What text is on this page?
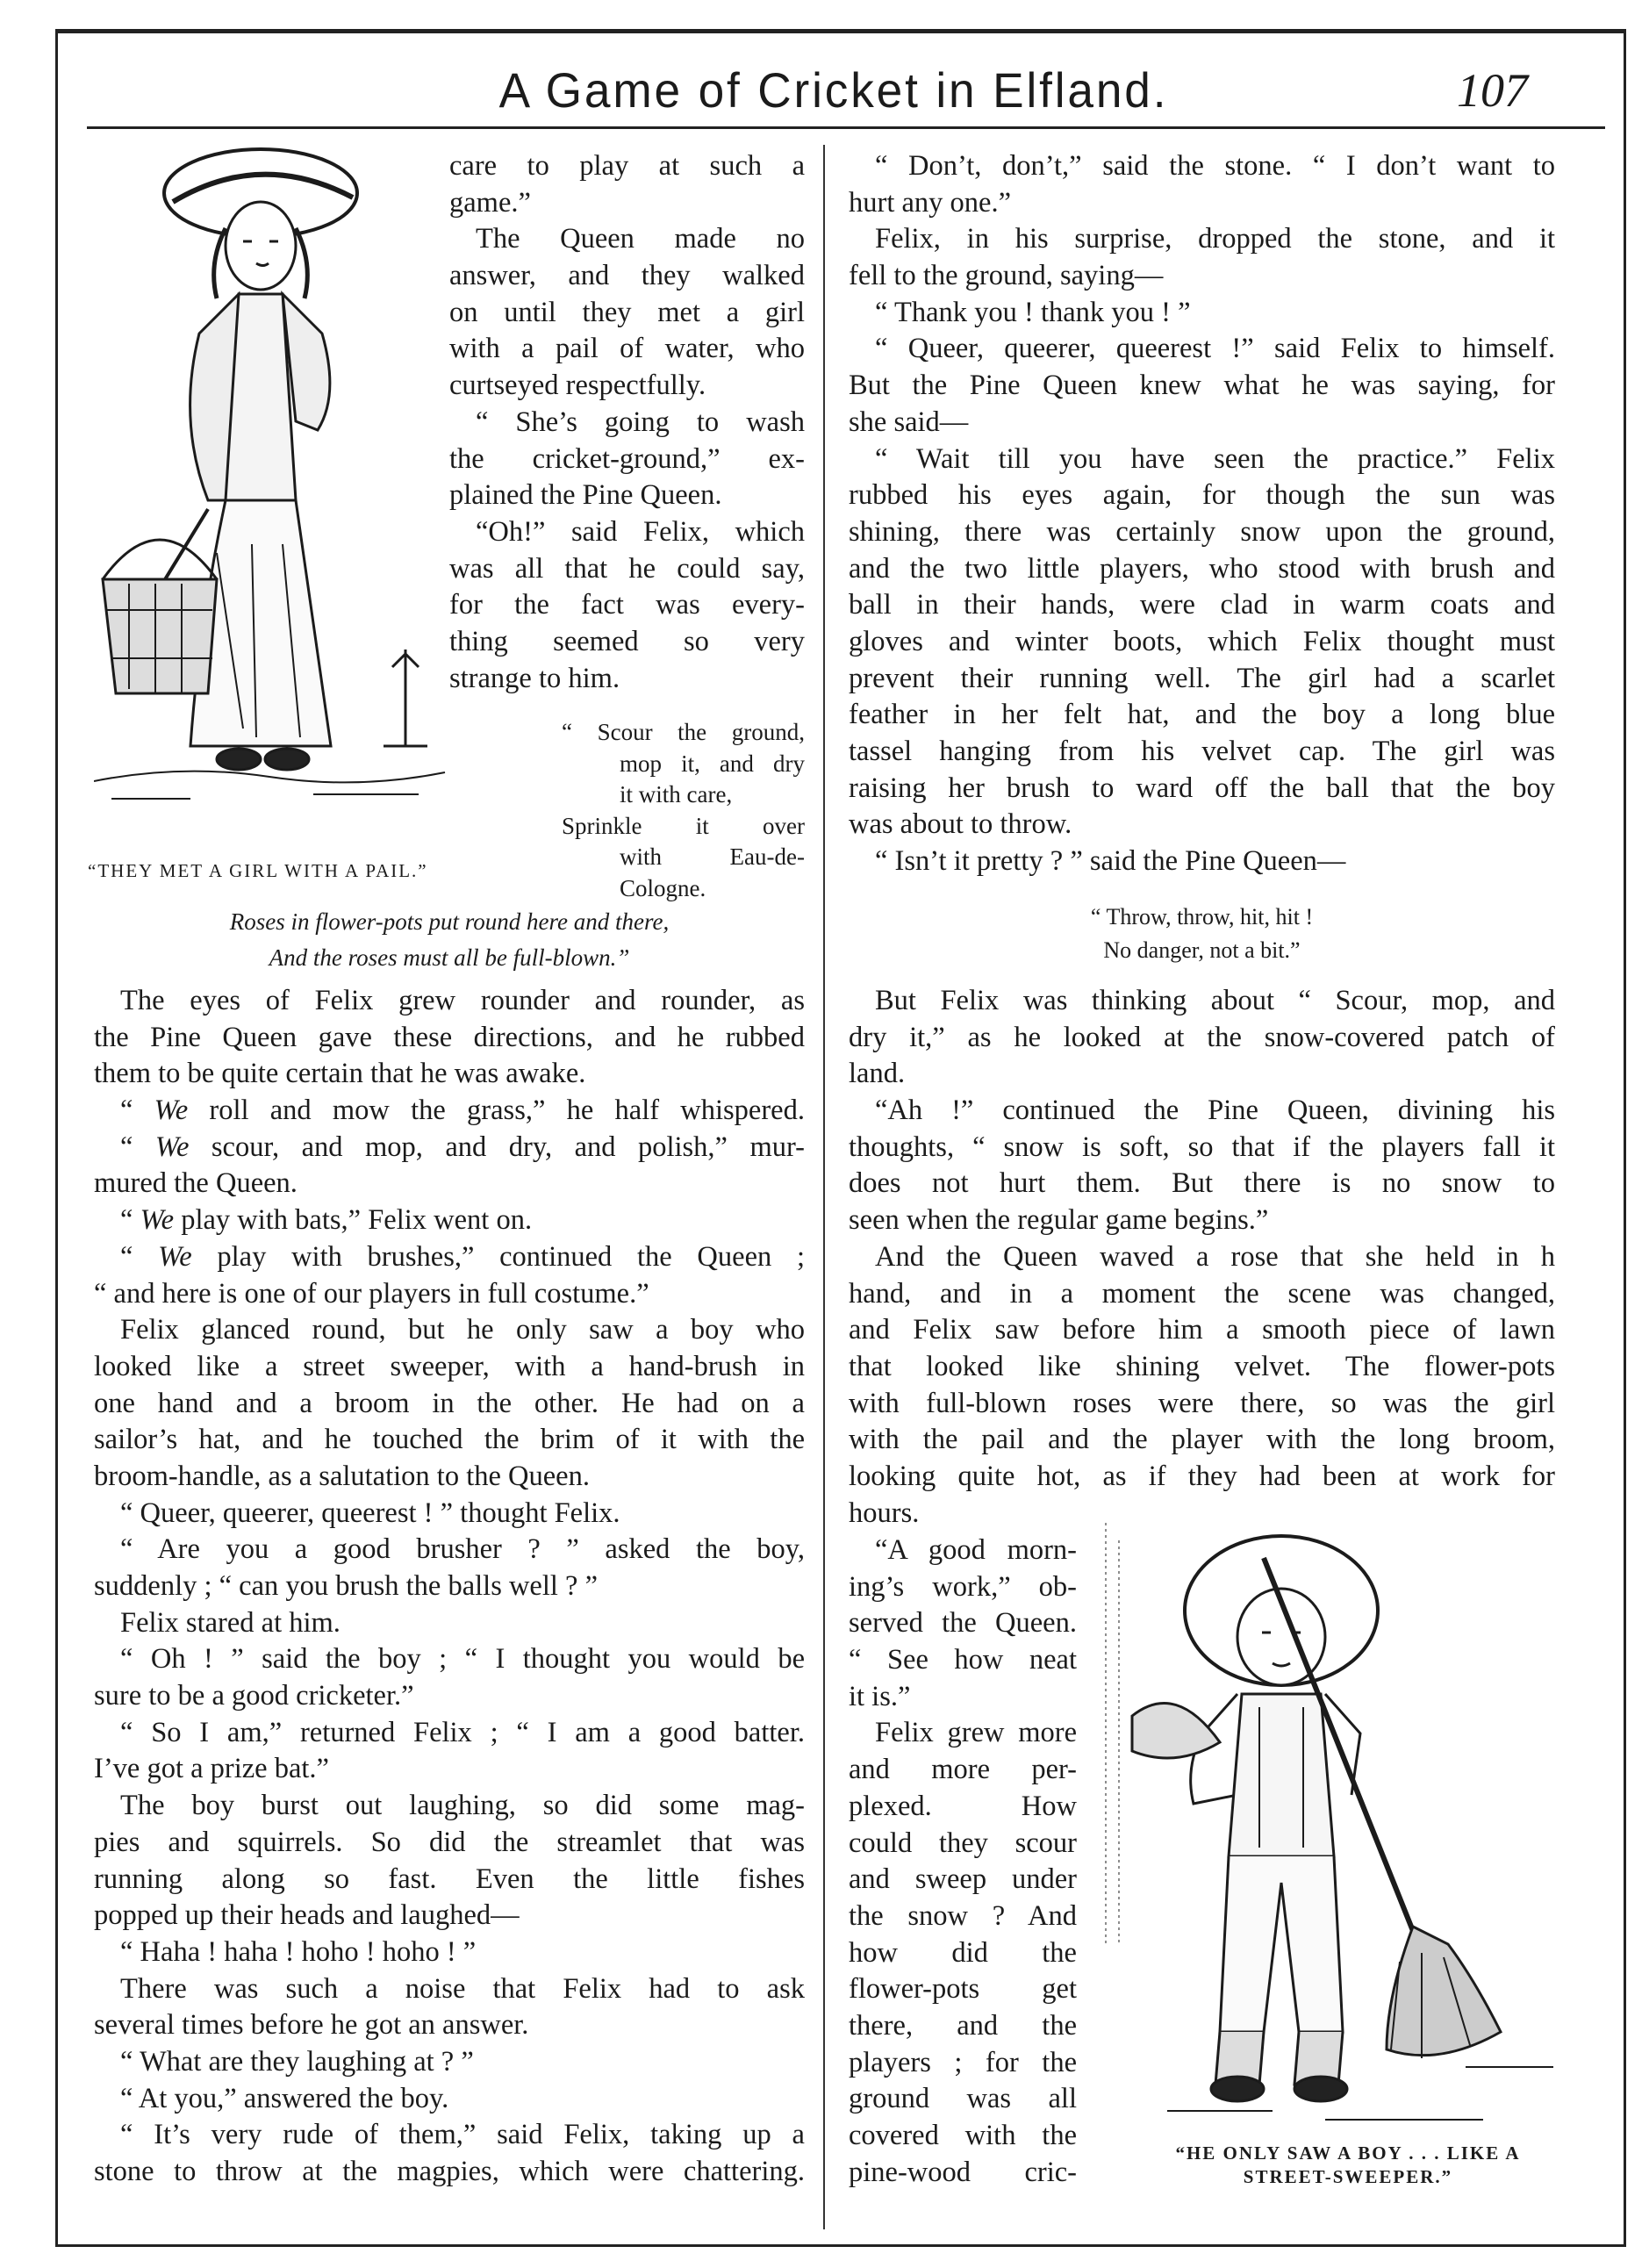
A Game of Cricket in Elfland.	107
care to play at such a
game.”
The Queen made no
answer, and they walked
on until they met a girl
with a pail of water, who
curtseyed respectfully.
“ She’s going to wash
the cricket-ground,” ex-
plained the Pine Queen.
“Oh!” said Felix, which
was all that he could say,
for the fact was every-
thing seemed so very
strange to him.
“THEY MET A GIRL WITH A PAIL.”
“ Scour the ground,
mop it, and dry
it with care,
Sprinkle it over
with Eau-de-
Cologne.
Roses in flower-pots put round here and there,
And the roses must all be full-blown.”
The eyes of Felix grew rounder and rounder, as
the Pine Queen gave these directions, and he rubbed
them to be quite certain that he was awake.
“ We roll and mow the grass,” he half whispered.
“ We scour, and mop, and dry, and polish,” mur-
mured the Queen.
“ We play with bats,” Felix went on.
“ We play with brushes,” continued the Queen ;
“ and here is one of our players in full costume.”
Felix glanced round, but he only saw a boy who
looked like a street sweeper, with a hand-brush in
one hand and a broom in the other. He had on a
sailor’s hat, and he touched the brim of it with the
broom-handle, as a salutation to the Queen.
“ Queer, queerer, queerest ! ” thought Felix.
“ Are you a good brusher ? ” asked the boy,
suddenly ; “ can you brush the balls well ? ”
Felix stared at him.
“ Oh ! ” said the boy ; “ I thought you would be
sure to be a good cricketer.”
“ So I am,” returned Felix ; “ I am a good batter.
I’ve got a prize bat.”
The boy burst out laughing, so did some mag-
pies and squirrels. So did the streamlet that was
running along so fast. Even the little fishes
popped up their heads and laughed—
“ Haha ! haha ! hoho ! hoho ! ”
There was such a noise that Felix had to ask
several times before he got an answer.
“ What are they laughing at ? ”
“ At you,” answered the boy.
“ It’s very rude of them,” said Felix, taking up a
stone to throw at the magpies, which were chattering.
“ Don’t, don’t,” said the stone. “ I don’t want to
hurt any one.”
Felix, in his surprise, dropped the stone, and it
fell to the ground, saying—
“ Thank you ! thank you ! ”
“ Queer, queerer, queerest !” said Felix to himself.
But the Pine Queen knew what he was saying, for
she said—
“ Wait till you have seen the practice.” Felix
rubbed his eyes again, for though the sun was
shining, there was certainly snow upon the ground,
and the two little players, who stood with brush and
ball in their hands, were clad in warm coats and
gloves and winter boots, which Felix thought must
prevent their running well. The girl had a scarlet
feather in her felt hat, and the boy a long blue
tassel hanging from his velvet cap. The girl was
raising her brush to ward off the ball that the boy
was about to throw.
“ Isn’t it pretty ? ” said the Pine Queen—
“ Throw, throw, hit, hit !
No danger, not a bit.”
But Felix was thinking about “ Scour, mop, and
dry it,” as he looked at the snow-covered patch of
land.
“Ah !” continued the Pine Queen, divining his
thoughts, “ snow is soft, so that if the players fall it
does not hurt them. But there is no snow to
seen when the regular game begins.”
And the Queen waved a rose that she held in h
hand, and in a moment the scene was changed,
and Felix saw before him a smooth piece of lawn
that looked like shining velvet. The flower-pots
with full-blown roses were there, so was the girl
with the pail and the player with the long broom,
looking quite hot, as if they had been at work for
hours.
“A good morn-
ing’s work,” ob-
served the Queen.
“ See how neat
it is.”
Felix grew more
and more per-
plexed. How
could they scour
and sweep under
the snow ? And
how did the
flower-pots get
there, and the
players ; for the
ground was all
covered with the
pine-wood cric-
“HE ONLY SAW A BOY . . . LIKE A
STREET-SWEEPER.”
